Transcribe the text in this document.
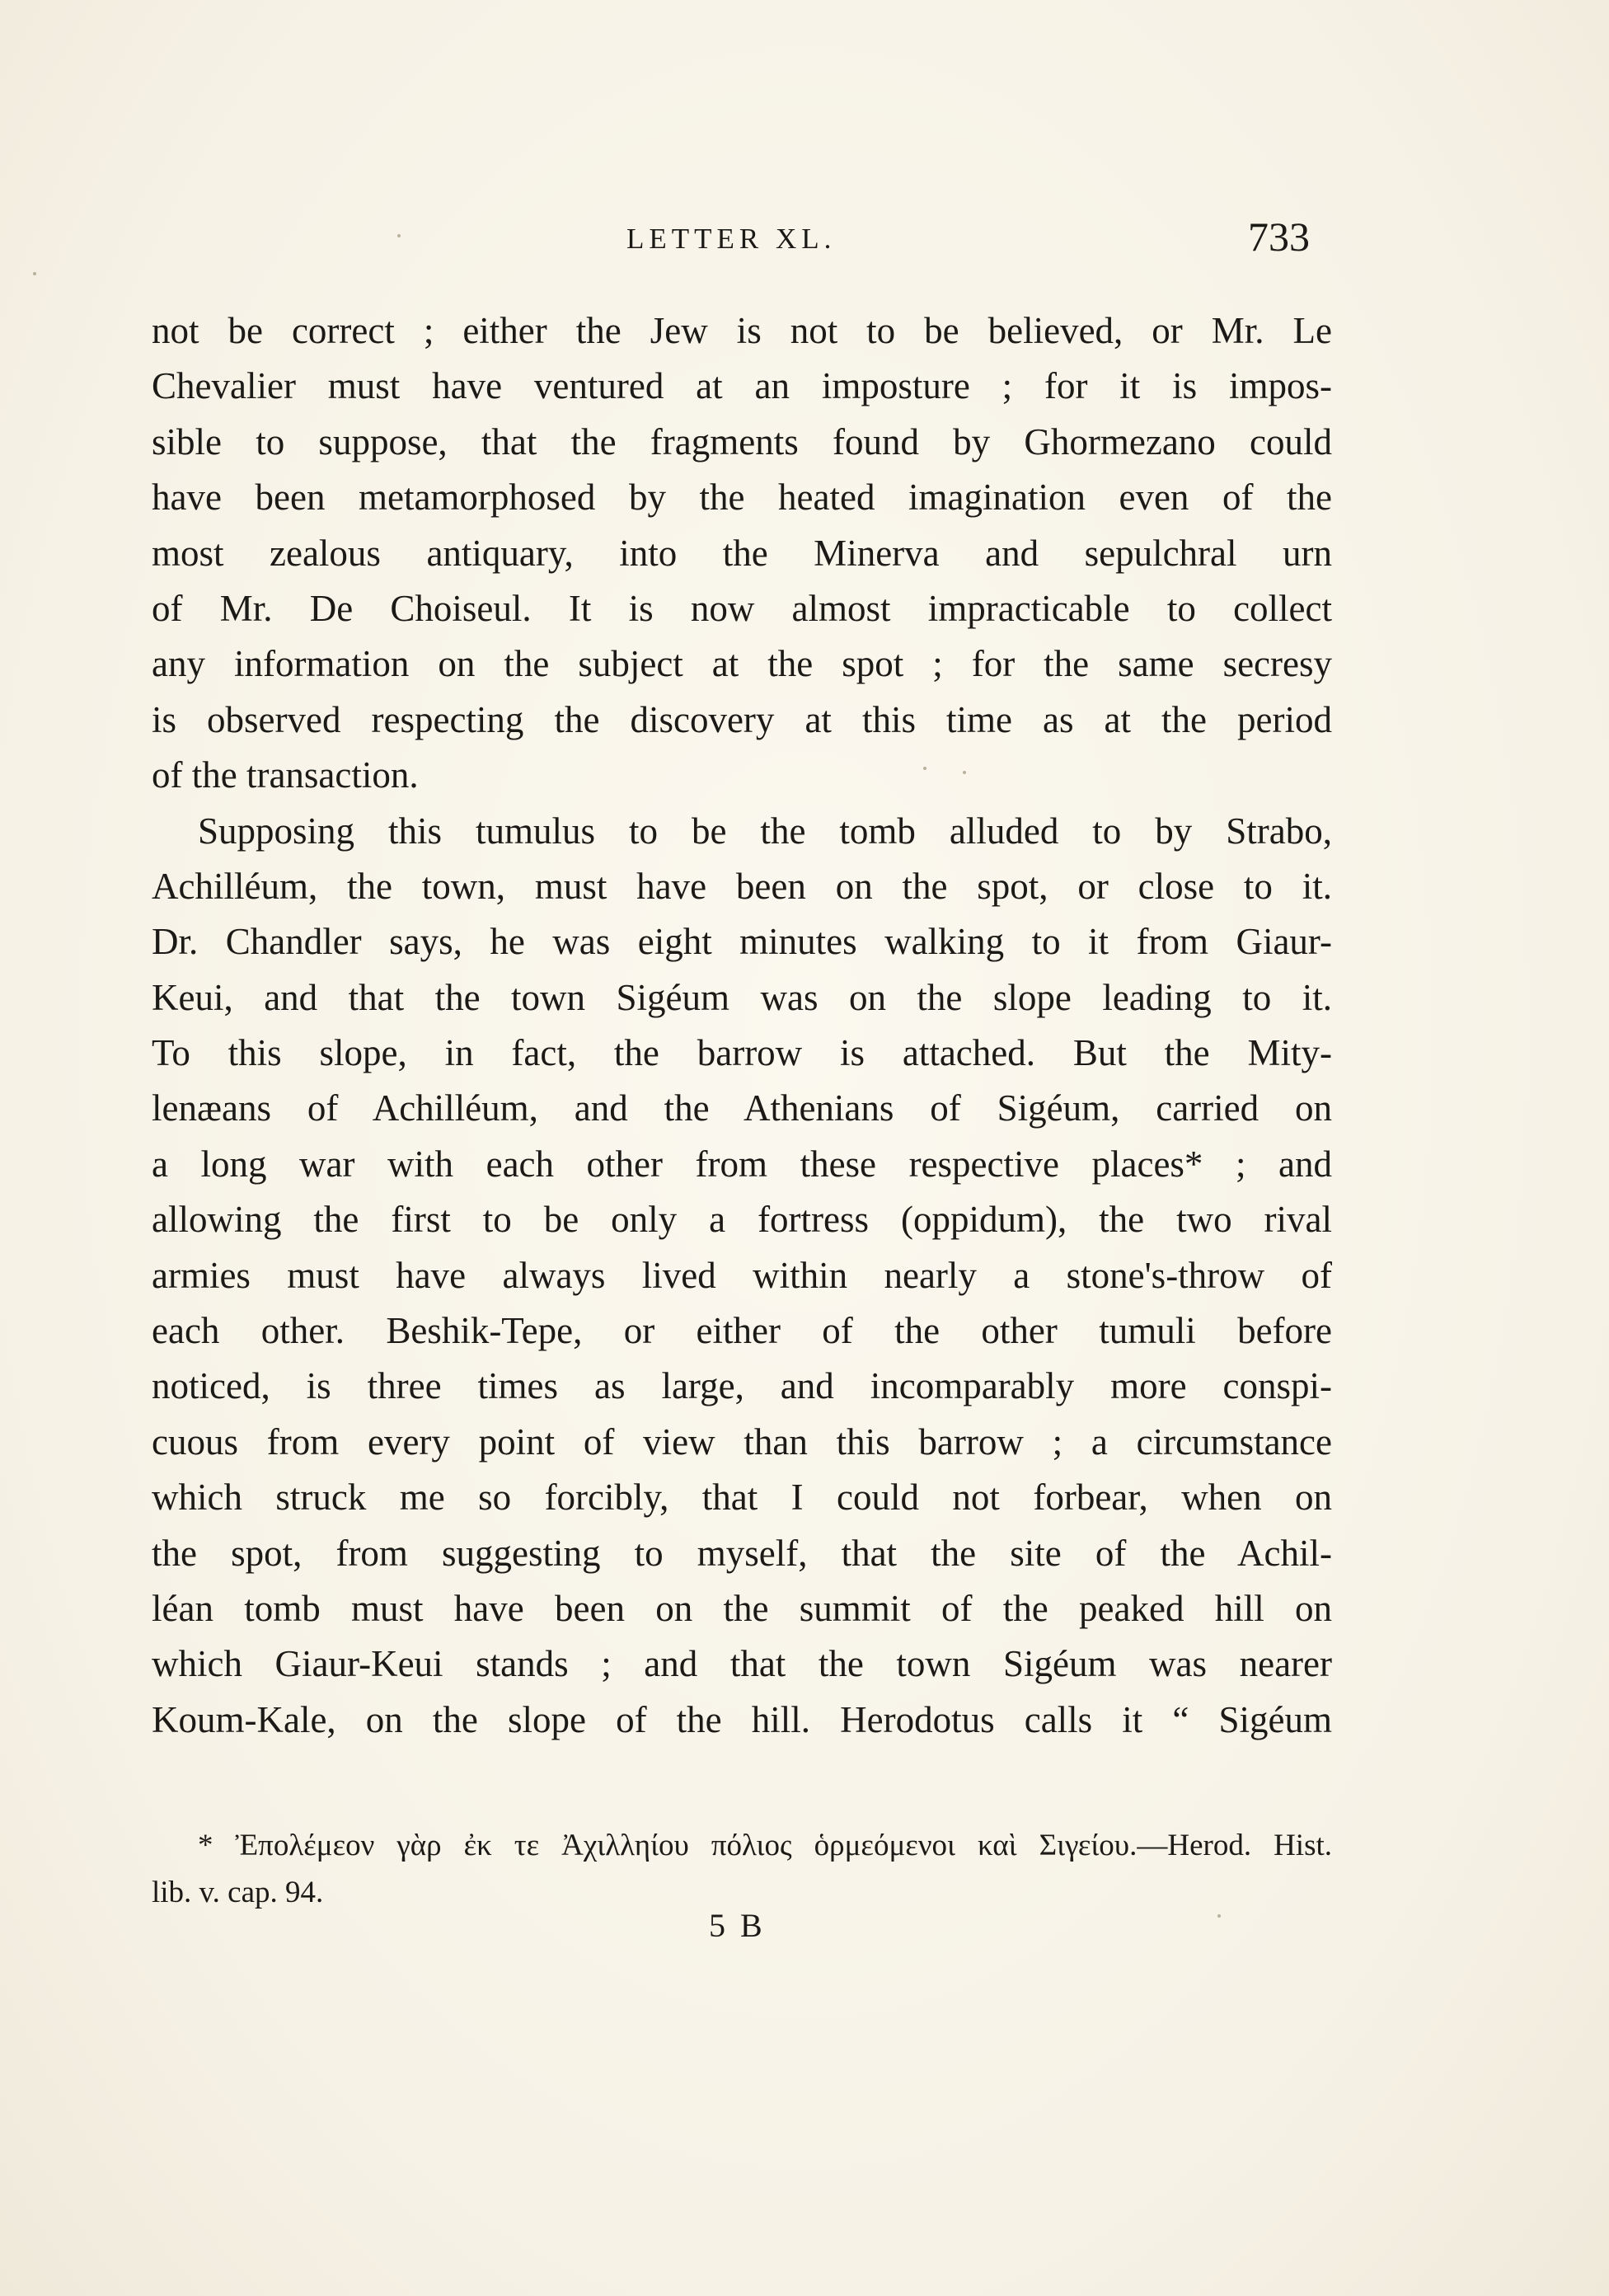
LETTER XL.	733
not be correct ; either the Jew is not to be believed, or Mr. Le
Chevalier must have ventured at an imposture ; for it is impos-
sible to suppose, that the fragments found by Ghormezano could
have been metamorphosed by the heated imagination even of the
most zealous antiquary, into the Minerva and sepulchral urn
of Mr. De Choiseul. It is now almost impracticable to collect
any information on the subject at the spot ; for the same secresy
is observed respecting the discovery at this time as at the period
of the transaction.
Supposing this tumulus to be the tomb alluded to by Strabo,
Achilléum, the town, must have been on the spot, or close to it.
Dr. Chandler says, he was eight minutes walking to it from Giaur-
Keui, and that the town Sigéum was on the slope leading to it.
To this slope, in fact, the barrow is attached. But the Mity-
lenæans of Achilléum, and the Athenians of Sigéum, carried on
a long war with each other from these respective places* ; and
allowing the first to be only a fortress (oppidum), the two rival
armies must have always lived within nearly a stone's-throw of
each other. Beshik-Tepe, or either of the other tumuli before
noticed, is three times as large, and incomparably more conspi-
cuous from every point of view than this barrow ; a circumstance
which struck me so forcibly, that I could not forbear, when on
the spot, from suggesting to myself, that the site of the Achil-
léan tomb must have been on the summit of the peaked hill on
which Giaur-Keui stands ; and that the town Sigéum was nearer
Koum-Kale, on the slope of the hill. Herodotus calls it “ Sigéum
* Ἐπολέμεον γὰρ ἐκ τε Ἀχιλληίου πόλιος ὁρμεόμενοι καὶ Σιγείου.—Herod. Hist.
lib. v. cap. 94.
5 B
